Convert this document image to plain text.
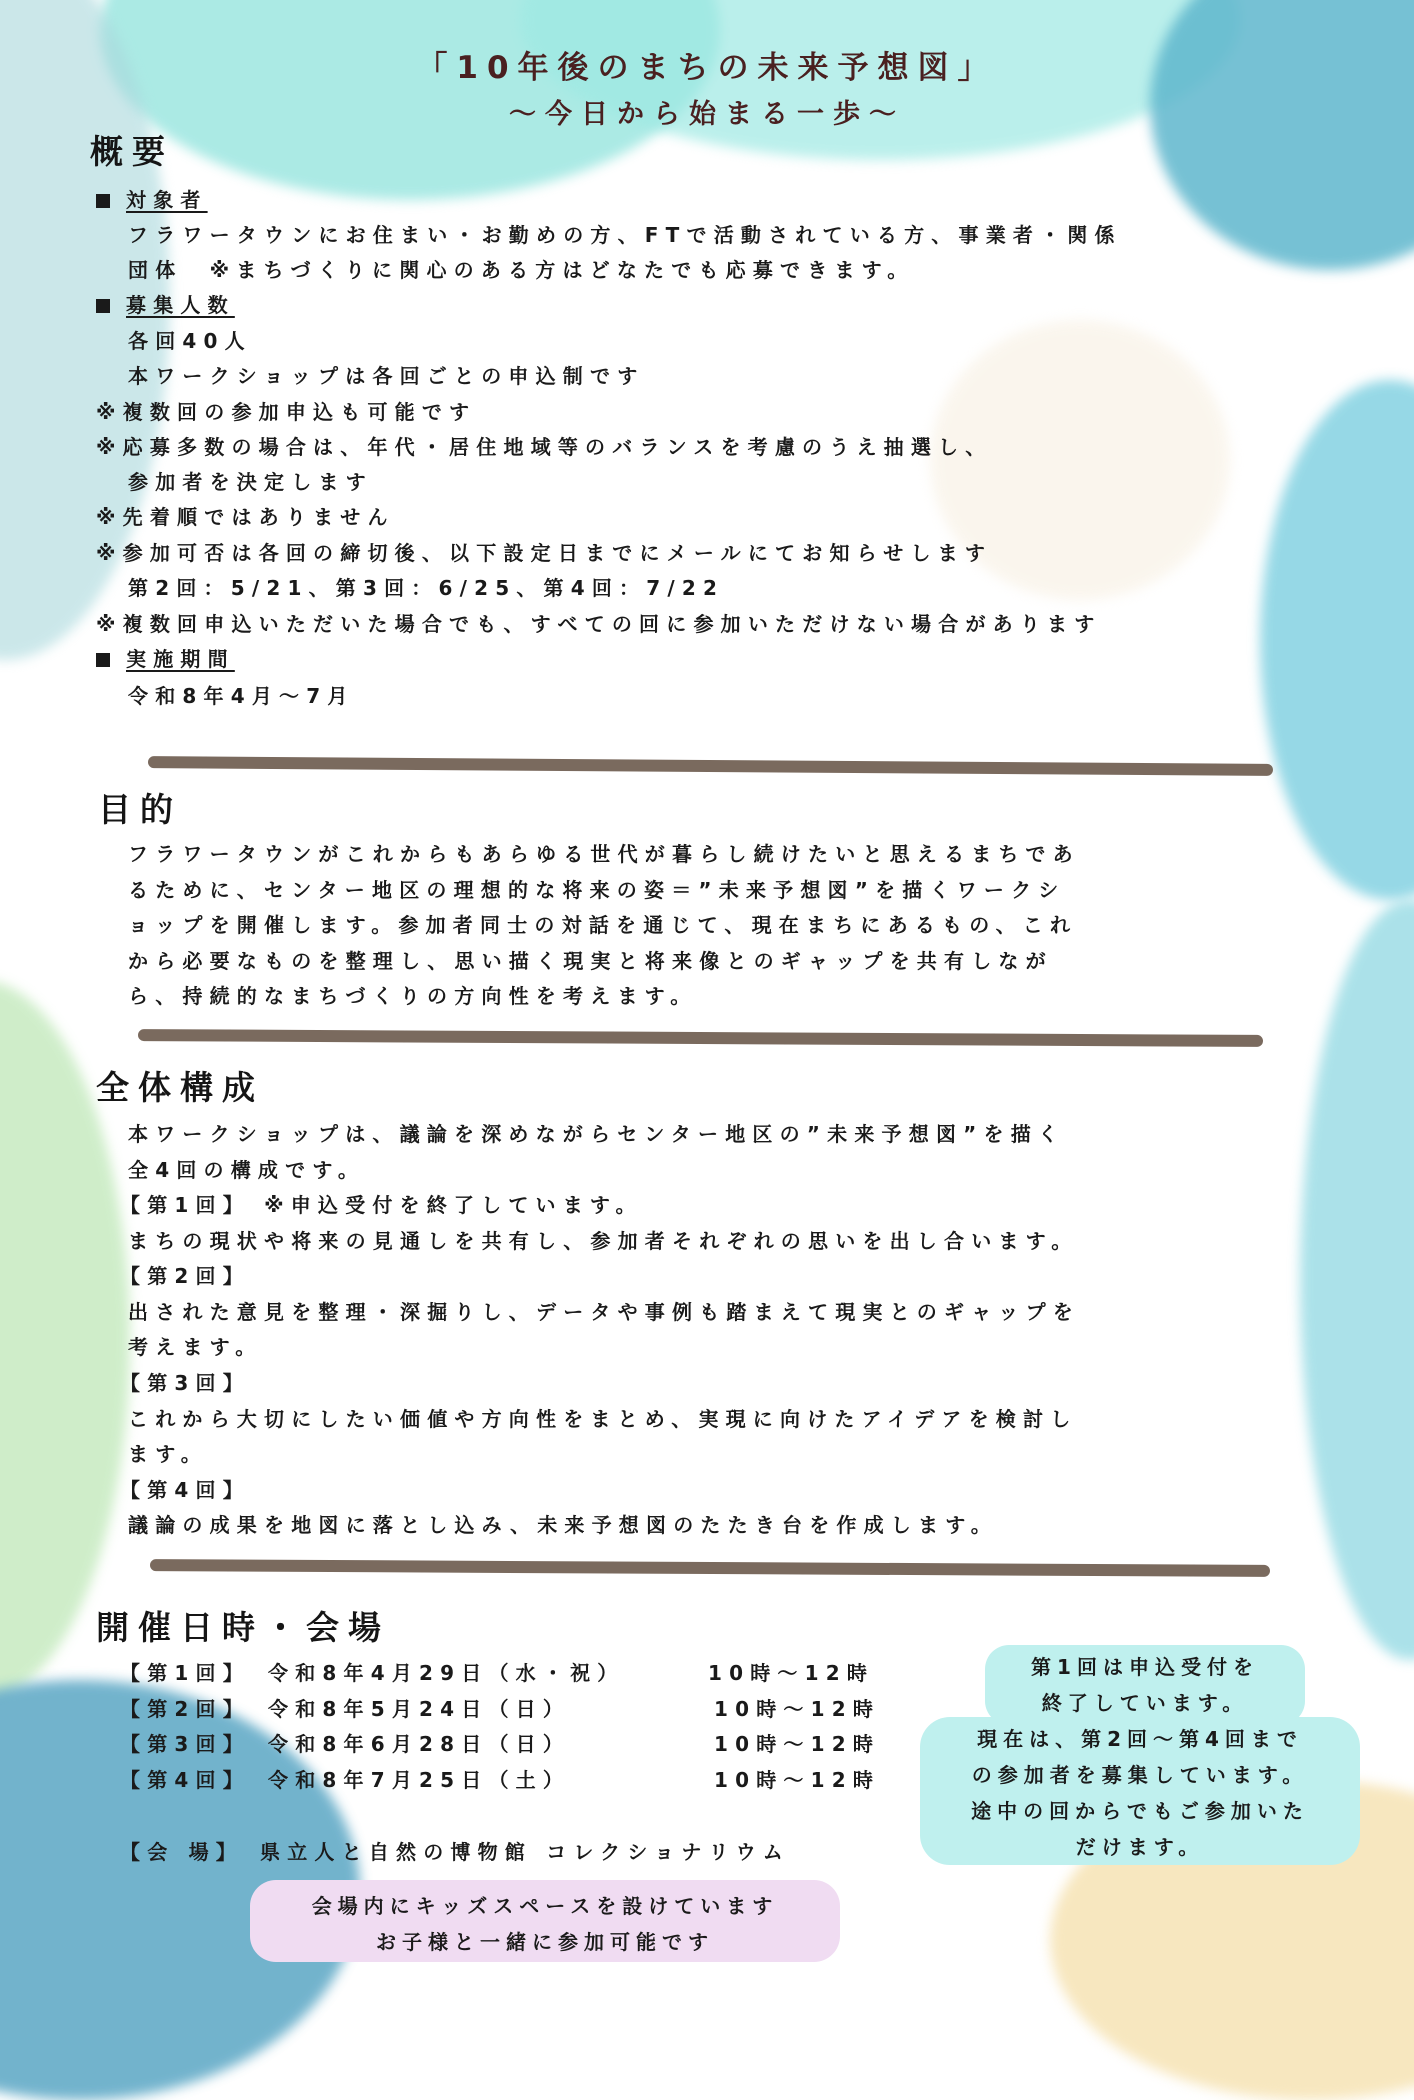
「10年後のまちの未来予想図」
〜今日から始まる一歩〜
概要
対象者
フラワータウンにお住まい・お勤めの方、FTで活動されている方、事業者・関係
団体　※まちづくりに関心のある方はどなたでも応募できます。
募集人数
各回40人
本ワークショップは各回ごとの申込制です
※複数回の参加申込も可能です
※応募多数の場合は、年代・居住地域等のバランスを考慮のうえ抽選し、
参加者を決定します
※先着順ではありません
※参加可否は各回の締切後、以下設定日までにメールにてお知らせします
第2回：5/21、第3回：6/25、第4回：7/22
※複数回申込いただいた場合でも、すべての回に参加いただけない場合があります
実施期間
令和8年4月〜7月
目的
フラワータウンがこれからもあらゆる世代が暮らし続けたいと思えるまちであ
るために、センター地区の理想的な将来の姿＝”未来予想図”を描くワークシ
ョップを開催します。参加者同士の対話を通じて、現在まちにあるもの、これ
から必要なものを整理し、思い描く現実と将来像とのギャップを共有しなが
ら、持続的なまちづくりの方向性を考えます。
全体構成
本ワークショップは、議論を深めながらセンター地区の”未来予想図”を描く
全4回の構成です。
【第1回】 ※申込受付を終了しています。
まちの現状や将来の見通しを共有し、参加者それぞれの思いを出し合います。
【第2回】
出された意見を整理・深掘りし、データや事例も踏まえて現実とのギャップを
考えます。
【第3回】
これから大切にしたい価値や方向性をまとめ、実現に向けたアイデアを検討し
ます。
【第4回】
議論の成果を地図に落とし込み、未来予想図のたたき台を作成します。
開催日時・会場
【第1回】 令和8年4月29日（水・祝）	10時〜12時
【第2回】 令和8年5月24日（日）	10時〜12時
【第3回】 令和8年6月28日（日）	10時〜12時
【第4回】 令和8年7月25日（土）	10時〜12時
【会 場】 県立人と自然の博物館 コレクショナリウム
会場内にキッズスペースを設けています
お子様と一緒に参加可能です
第1回は申込受付を
終了しています。
現在は、第2回〜第4回まで
の参加者を募集しています。
途中の回からでもご参加いた
だけます。
